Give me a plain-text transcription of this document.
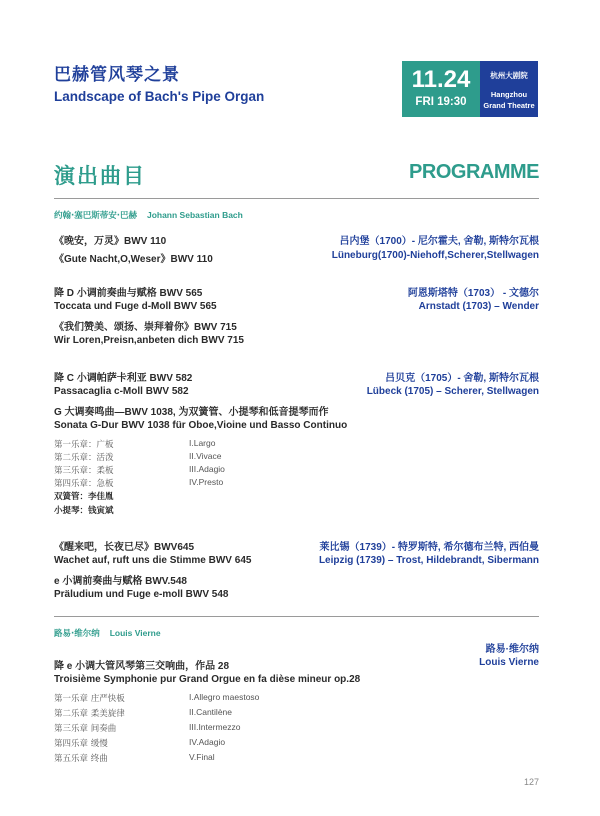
巴赫管风琴之景
Landscape of Bach's Pipe Organ
11.24
FRI 19:30
杭州大剧院
Hangzhou
Grand Theatre
演出曲目	PROGRAMME
约翰·塞巴斯蒂安·巴赫 Johann Sebastian Bach
《晚安，万灵》BWV 110
《Gute Nacht,O,Weser》BWV 110
吕内堡（1700）- 尼尔霍夫, 舍勒, 斯特尔瓦根
Lüneburg(1700)-Niehoff,Scherer,Stellwagen
降 D 小调前奏曲与赋格 BWV 565
Toccata und Fuge d-Moll BWV 565
《我们赞美、颂扬、崇拜着你》BWV 715
Wir Loren,Preisn,anbeten dich BWV 715
阿恩斯塔特（1703） - 文德尔
Arnstadt (1703) – Wender
降 C 小调帕萨卡利亚 BWV 582
Passacaglia c-Moll BWV 582
G 大调奏鸣曲—BWV 1038, 为双簧管、小提琴和低音提琴而作
Sonata G-Dur BWV 1038 für Oboe,Vioine und Basso Continuo
吕贝克（1705）- 舍勒, 斯特尔瓦根
Lübeck (1705) – Scherer, Stellwagen
第一乐章：广板	I.Largo
第二乐章：活泼	II.Vivace
第三乐章：柔板	III.Adagio
第四乐章：急板	IV.Presto
双簧管：李佳胤
小提琴：钱寅斌
《醒来吧，长夜已尽》BWV645
Wachet auf, ruft uns die Stimme BWV 645
e 小调前奏曲与赋格 BWV.548
Präludium und Fuge e-moll BWV 548
莱比锡（1739）- 特罗斯特, 希尔德布兰特, 西伯曼
Leipzig (1739) – Trost, Hildebrandt, Sibermann
路易·维尔纳 Louis Vierne
路易·维尔纳
Louis Vierne
降 e 小调大管风琴第三交响曲，作品 28
Troisième Symphonie pur Grand Orgue en fa dièse mineur op.28
第一乐章 庄严快板	I.Allegro maestoso
第二乐章 柔美旋律	II.Cantilène
第三乐章 间奏曲	III.Intermezzo
第四乐章 缓慢	IV.Adagio
第五乐章 终曲	V.Final
127
